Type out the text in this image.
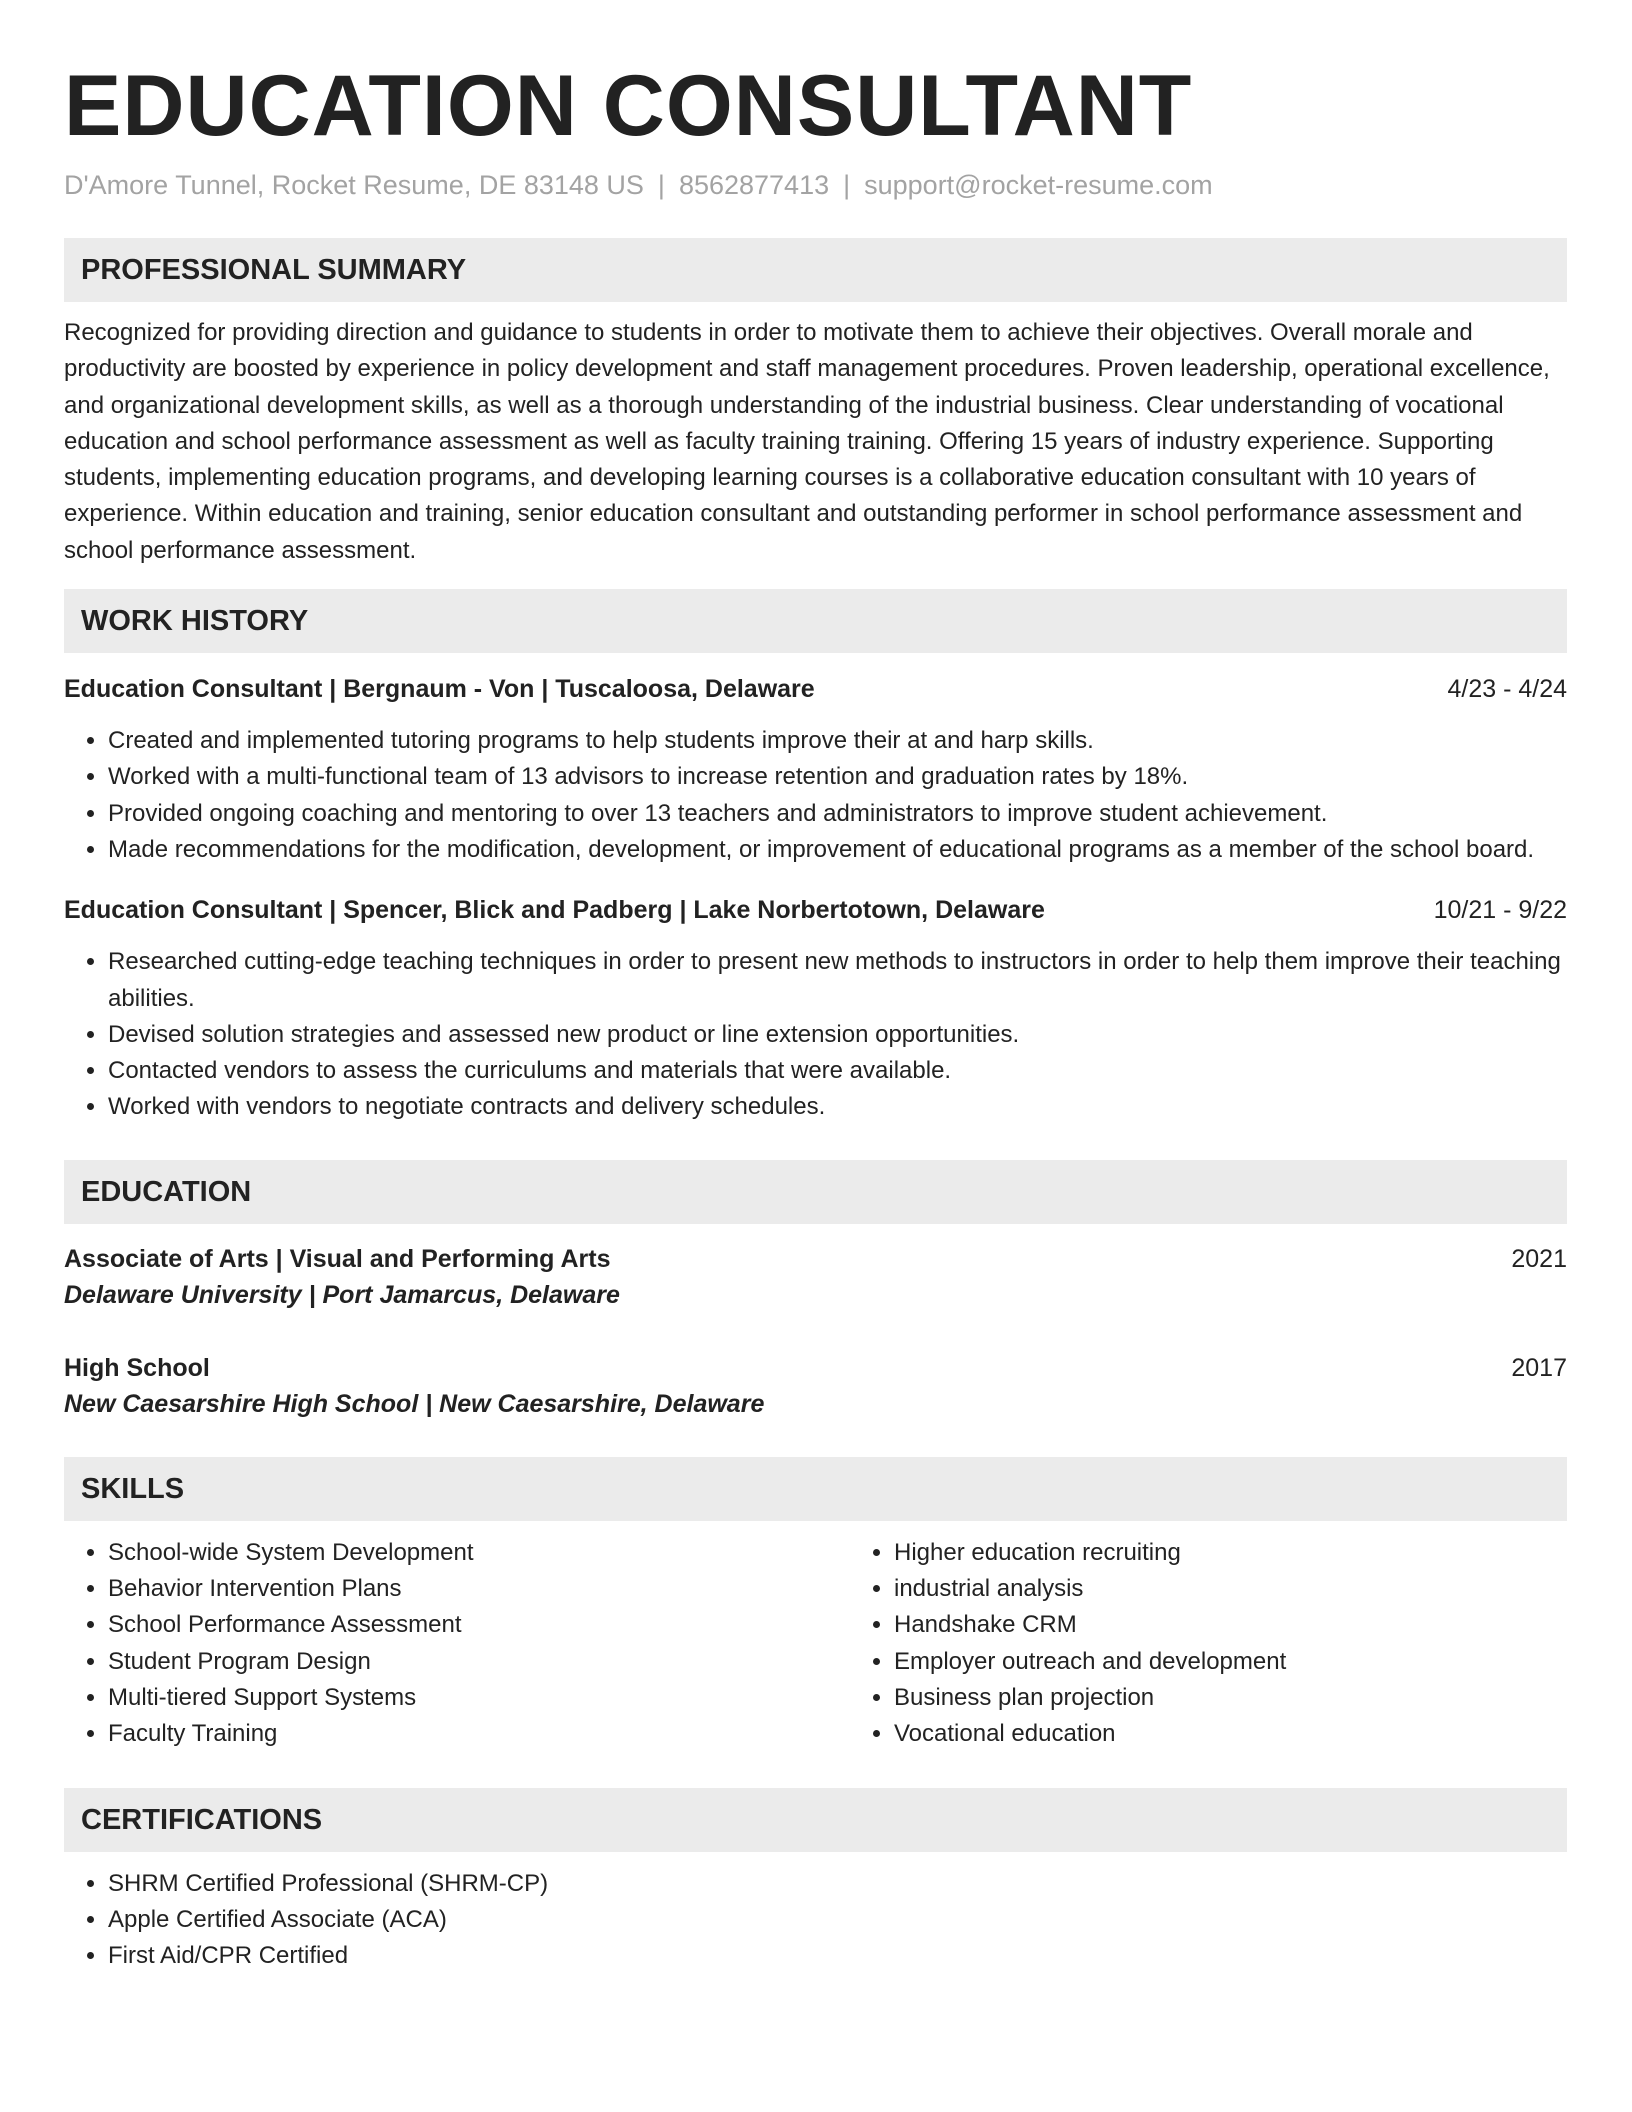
EDUCATION CONSULTANT
D'Amore Tunnel, Rocket Resume, DE 83148 US | 8562877413 | support@rocket-resume.com
PROFESSIONAL SUMMARY

Recognized for providing direction and guidance to students in order to motivate them to achieve their objectives. Overall morale and productivity are boosted by experience in policy development and staff management procedures. Proven leadership, operational excellence, and organizational development skills, as well as a thorough understanding of the industrial business. Clear understanding of vocational education and school performance assessment as well as faculty training training. Offering 15 years of industry experience. Supporting students, implementing education programs, and developing learning courses is a collaborative education consultant with 10 years of experience. Within education and training, senior education consultant and outstanding performer in school performance assessment and school performance assessment.

WORK HISTORY
Education Consultant | Bergnaum - Von | Tuscaloosa, Delaware	4/23 - 4/24
• Created and implemented tutoring programs to help students improve their at and harp skills.
• Worked with a multi-functional team of 13 advisors to increase retention and graduation rates by 18%.
• Provided ongoing coaching and mentoring to over 13 teachers and administrators to improve student achievement.
• Made recommendations for the modification, development, or improvement of educational programs as a member of the school board.
Education Consultant | Spencer, Blick and Padberg | Lake Norbertotown, Delaware	10/21 - 9/22
• Researched cutting-edge teaching techniques in order to present new methods to instructors in order to help them improve their teaching abilities.
• Devised solution strategies and assessed new product or line extension opportunities.
• Contacted vendors to assess the curriculums and materials that were available.
• Worked with vendors to negotiate contracts and delivery schedules.
EDUCATION
Associate of Arts | Visual and Performing Arts	2021
Delaware University | Port Jamarcus, Delaware
High School	2017
New Caesarshire High School | New Caesarshire, Delaware
SKILLS
• School-wide System Development
• Behavior Intervention Plans
• School Performance Assessment
• Student Program Design
• Multi-tiered Support Systems
• Faculty Training
• Higher education recruiting
• industrial analysis
• Handshake CRM
• Employer outreach and development
• Business plan projection
• Vocational education
CERTIFICATIONS
• SHRM Certified Professional (SHRM-CP)
• Apple Certified Associate (ACA)
• First Aid/CPR Certified
